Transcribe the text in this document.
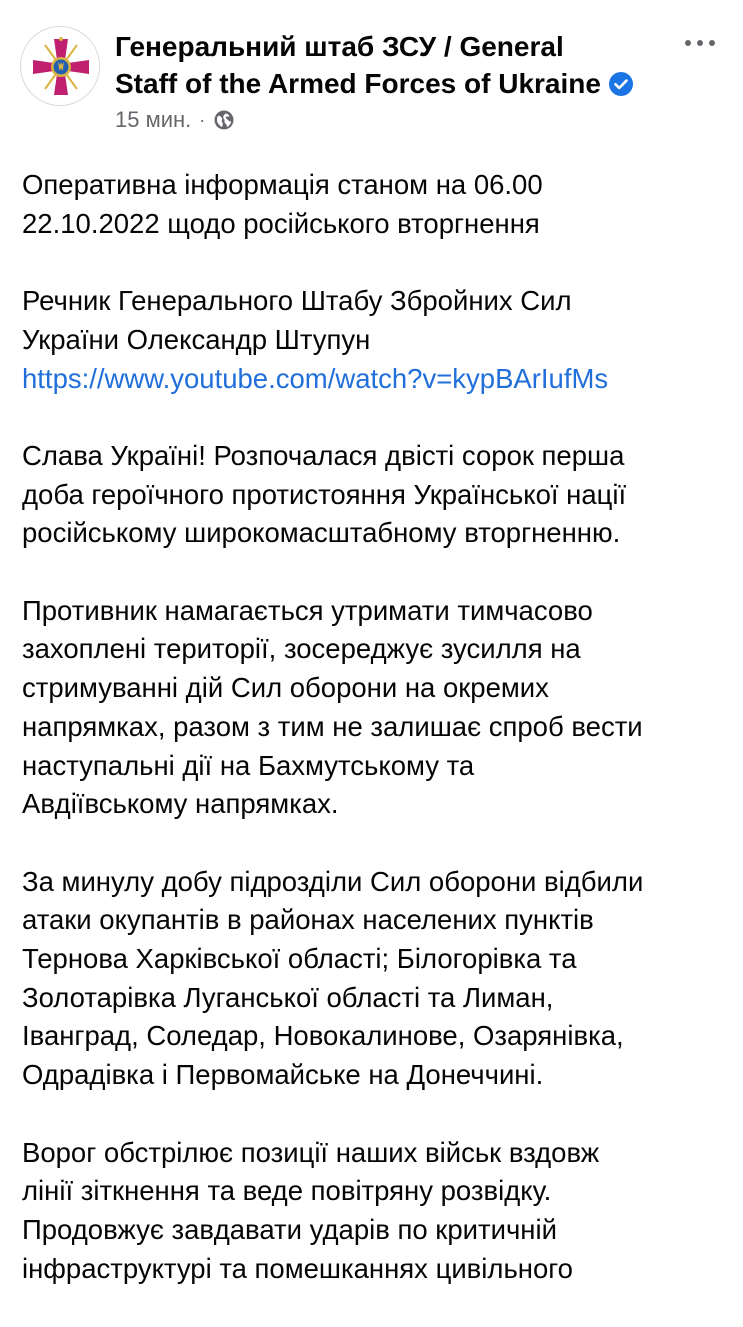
Генеральний штаб ЗСУ / General
Staff of the Armed Forces of Ukraine
15 мин. ·

Оперативна інформація станом на 06.00
22.10.2022 щодо російського вторгнення

Речник Генерального Штабу Збройних Сил
України Олександр Штупун
https://www.youtube.com/watch?v=kypBArIufMs

Слава Україні! Розпочалася двісті сорок перша
доба героїчного протистояння Української нації
російському широкомасштабному вторгненню.

Противник намагається утримати тимчасово
захоплені території, зосереджує зусилля на
стримуванні дій Сил оборони на окремих
напрямках, разом з тим не залишає спроб вести
наступальні дії на Бахмутському та
Авдіївському напрямках.

За минулу добу підрозділи Сил оборони відбили
атаки окупантів в районах населених пунктів
Тернова Харківської області; Білогорівка та
Золотарівка Луганської області та Лиман,
Іванград, Соледар, Новокалинове, Озарянівка,
Одрадівка і Первомайське на Донеччині.

Ворог обстрілює позиції наших військ вздовж
лінії зіткнення та веде повітряну розвідку.
Продовжує завдавати ударів по критичній
інфраструктурі та помешканнях цивільного
